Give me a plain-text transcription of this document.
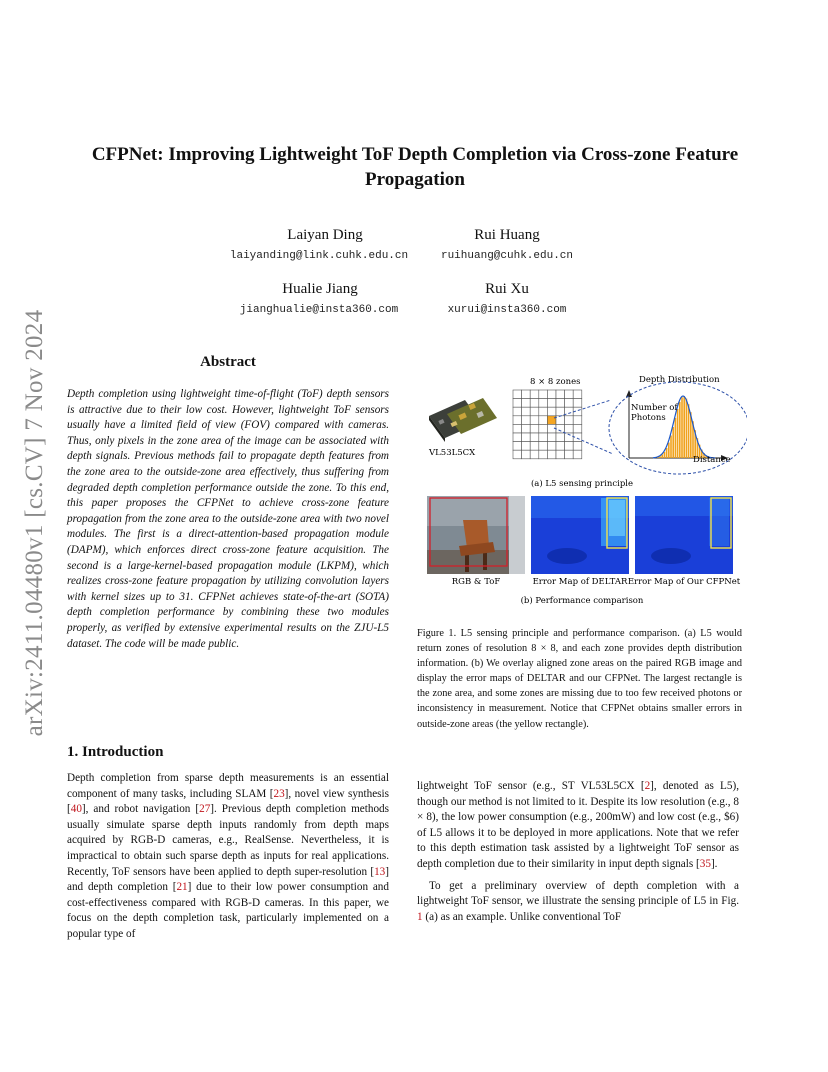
arXiv:2411.04480v1 [cs.CV] 7 Nov 2024
CFPNet: Improving Lightweight ToF Depth Completion via Cross-zone Feature Propagation
Laiyan Ding
laiyanding@link.cuhk.edu.cn
Rui Huang
ruihuang@cuhk.edu.cn
Hualie Jiang
jianghualie@insta360.com
Rui Xu
xurui@insta360.com
Abstract
Depth completion using lightweight time-of-flight (ToF) depth sensors is attractive due to their low cost. However, lightweight ToF sensors usually have a limited field of view (FOV) compared with cameras. Thus, only pixels in the zone area of the image can be associated with depth signals. Previous methods fail to propagate depth features from the zone area to the outside-zone area effectively, thus suffering from degraded depth completion performance outside the zone. To this end, this paper proposes the CFPNet to achieve cross-zone feature propagation from the zone area to the outside-zone area with two novel modules. The first is a direct-attention-based propagation module (DAPM), which enforces direct cross-zone feature acquisition. The second is a large-kernel-based propagation module (LKPM), which realizes cross-zone feature propagation by utilizing convolution layers with kernel sizes up to 31. CFPNet achieves state-of-the-art (SOTA) depth completion performance by combining these two modules properly, as verified by extensive experimental results on the ZJU-L5 dataset. The code will be made public.
1. Introduction

Depth completion from sparse depth measurements is an essential component of many tasks, including SLAM [23], novel view synthesis [40], and robot navigation [27]. Previous depth completion methods usually simulate sparse depth inputs randomly from depth maps acquired by RGB-D cameras, e.g., RealSense. Nevertheless, it is impractical to obtain such sparse depth as inputs for real applications. Recently, ToF sensors have been applied to depth super-resolution [13] and depth completion [21] due to their low power consumption and cost-effectiveness compared with RGB-D cameras. In this paper, we focus on the depth completion task, particularly implemented on a popular type of

lightweight ToF sensor (e.g., ST VL53L5CX [2], denoted as L5), though our method is not limited to it. Despite its low resolution (e.g., 8 × 8), the low power consumption (e.g., 200mW) and low cost (e.g., $6) of L5 allows it to be deployed in more applications. Note that we refer to this depth estimation task assisted by a lightweight ToF sensor as depth completion due to their similarity in input depth signals [35].

To get a preliminary overview of depth completion with a lightweight ToF sensor, we illustrate the sensing principle of L5 in Fig. 1 (a) as an example. Unlike conventional ToF

VL53L5CX
8 × 8 zones	Depth Distribution
Number of
Photons
Distance
(a) L5 sensing principle
RGB & ToF	Error Map of DELTAR Error Map of Our CFPNet
(b) Performance comparison
Figure 1. L5 sensing principle and performance comparison. (a) L5 would return zones of resolution 8 × 8, and each zone provides depth distribution information. (b) We overlay aligned zone areas on the paired RGB image and display the error maps of DELTAR and our CFPNet. The largest rectangle is the zone area, and some zones are missing due to too few received photons or inconsistency in measurement. Notice that CFPNet obtains smaller errors in outside-zone areas (the yellow rectangle).
